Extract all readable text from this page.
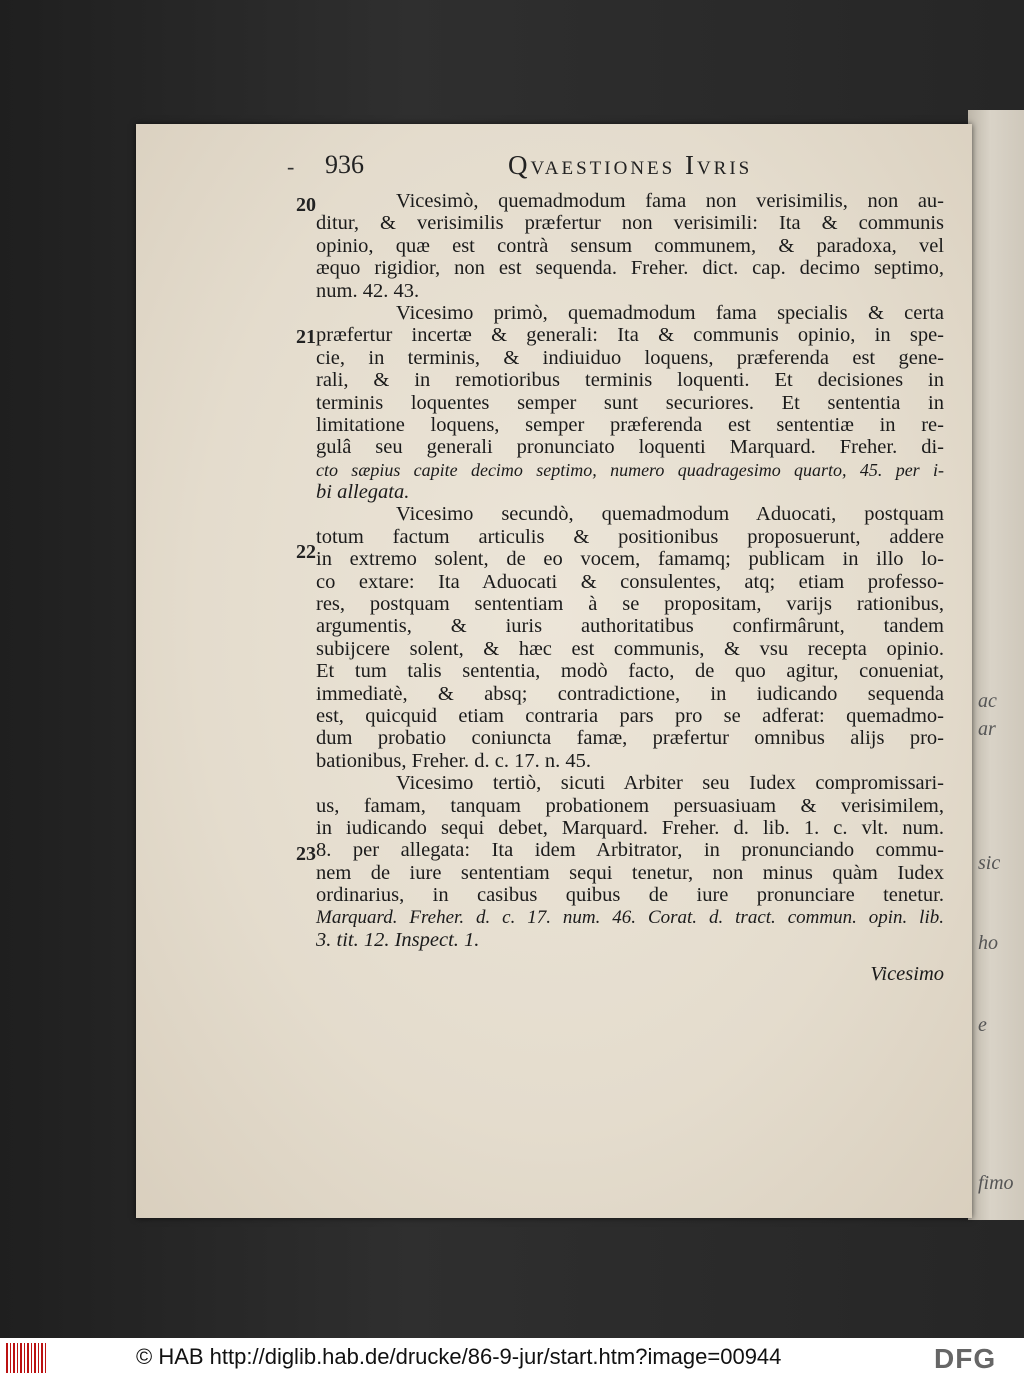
ac
ar
sic
ho
e
fimo
- 936	Qvaestiones Ivris
20
21
22
23
Vicesimò, quemadmodum fama non verisimilis, non au-
ditur, & verisimilis præfertur non verisimili: Ita & communis
opinio, quæ est contrà sensum communem, & paradoxa, vel
æquo rigidior, non est sequenda. Freher. dict. cap. decimo septimo,
num. 42. 43.
Vicesimo primò, quemadmodum fama specialis & certa
præfertur incertæ & generali: Ita & communis opinio, in spe-
cie, in terminis, & indiuiduo loquens, præferenda est gene-
rali, & in remotioribus terminis loquenti. Et decisiones in
terminis loquentes semper sunt securiores. Et sententia in
limitatione loquens, semper præferenda est sententiæ in re-
gulâ seu generali pronunciato loquenti Marquard. Freher. di-
cto sæpius capite decimo septimo, numero quadragesimo quarto, 45. per i-
bi allegata.
Vicesimo secundò, quemadmodum Aduocati, postquam
totum factum articulis & positionibus proposuerunt, addere
in extremo solent, de eo vocem, famamq; publicam in illo lo-
co extare: Ita Aduocati & consulentes, atq; etiam professo-
res, postquam sententiam à se propositam, varijs rationibus,
argumentis, & iuris authoritatibus confirmârunt, tandem
subijcere solent, & hæc est communis, & vsu recepta opinio.
Et tum talis sententia, modò facto, de quo agitur, conueniat,
immediatè, & absq; contradictione, in iudicando sequenda
est, quicquid etiam contraria pars pro se adferat: quemadmo-
dum probatio coniuncta famæ, præfertur omnibus alijs pro-
bationibus, Freher. d. c. 17. n. 45.
Vicesimo tertiò, sicuti Arbiter seu Iudex compromissari-
us, famam, tanquam probationem persuasiuam & verisimilem,
in iudicando sequi debet, Marquard. Freher. d. lib. 1. c. vlt. num.
8. per allegata: Ita idem Arbitrator, in pronunciando commu-
nem de iure sententiam sequi tenetur, non minus quàm Iudex
ordinarius, in casibus quibus de iure pronunciare tenetur.
Marquard. Freher. d. c. 17. num. 46. Corat. d. tract. commun. opin. lib.
3. tit. 12. Inspect. 1.
Vicesimo
© HAB http://diglib.hab.de/drucke/86-9-jur/start.htm?image=00944	DFG
